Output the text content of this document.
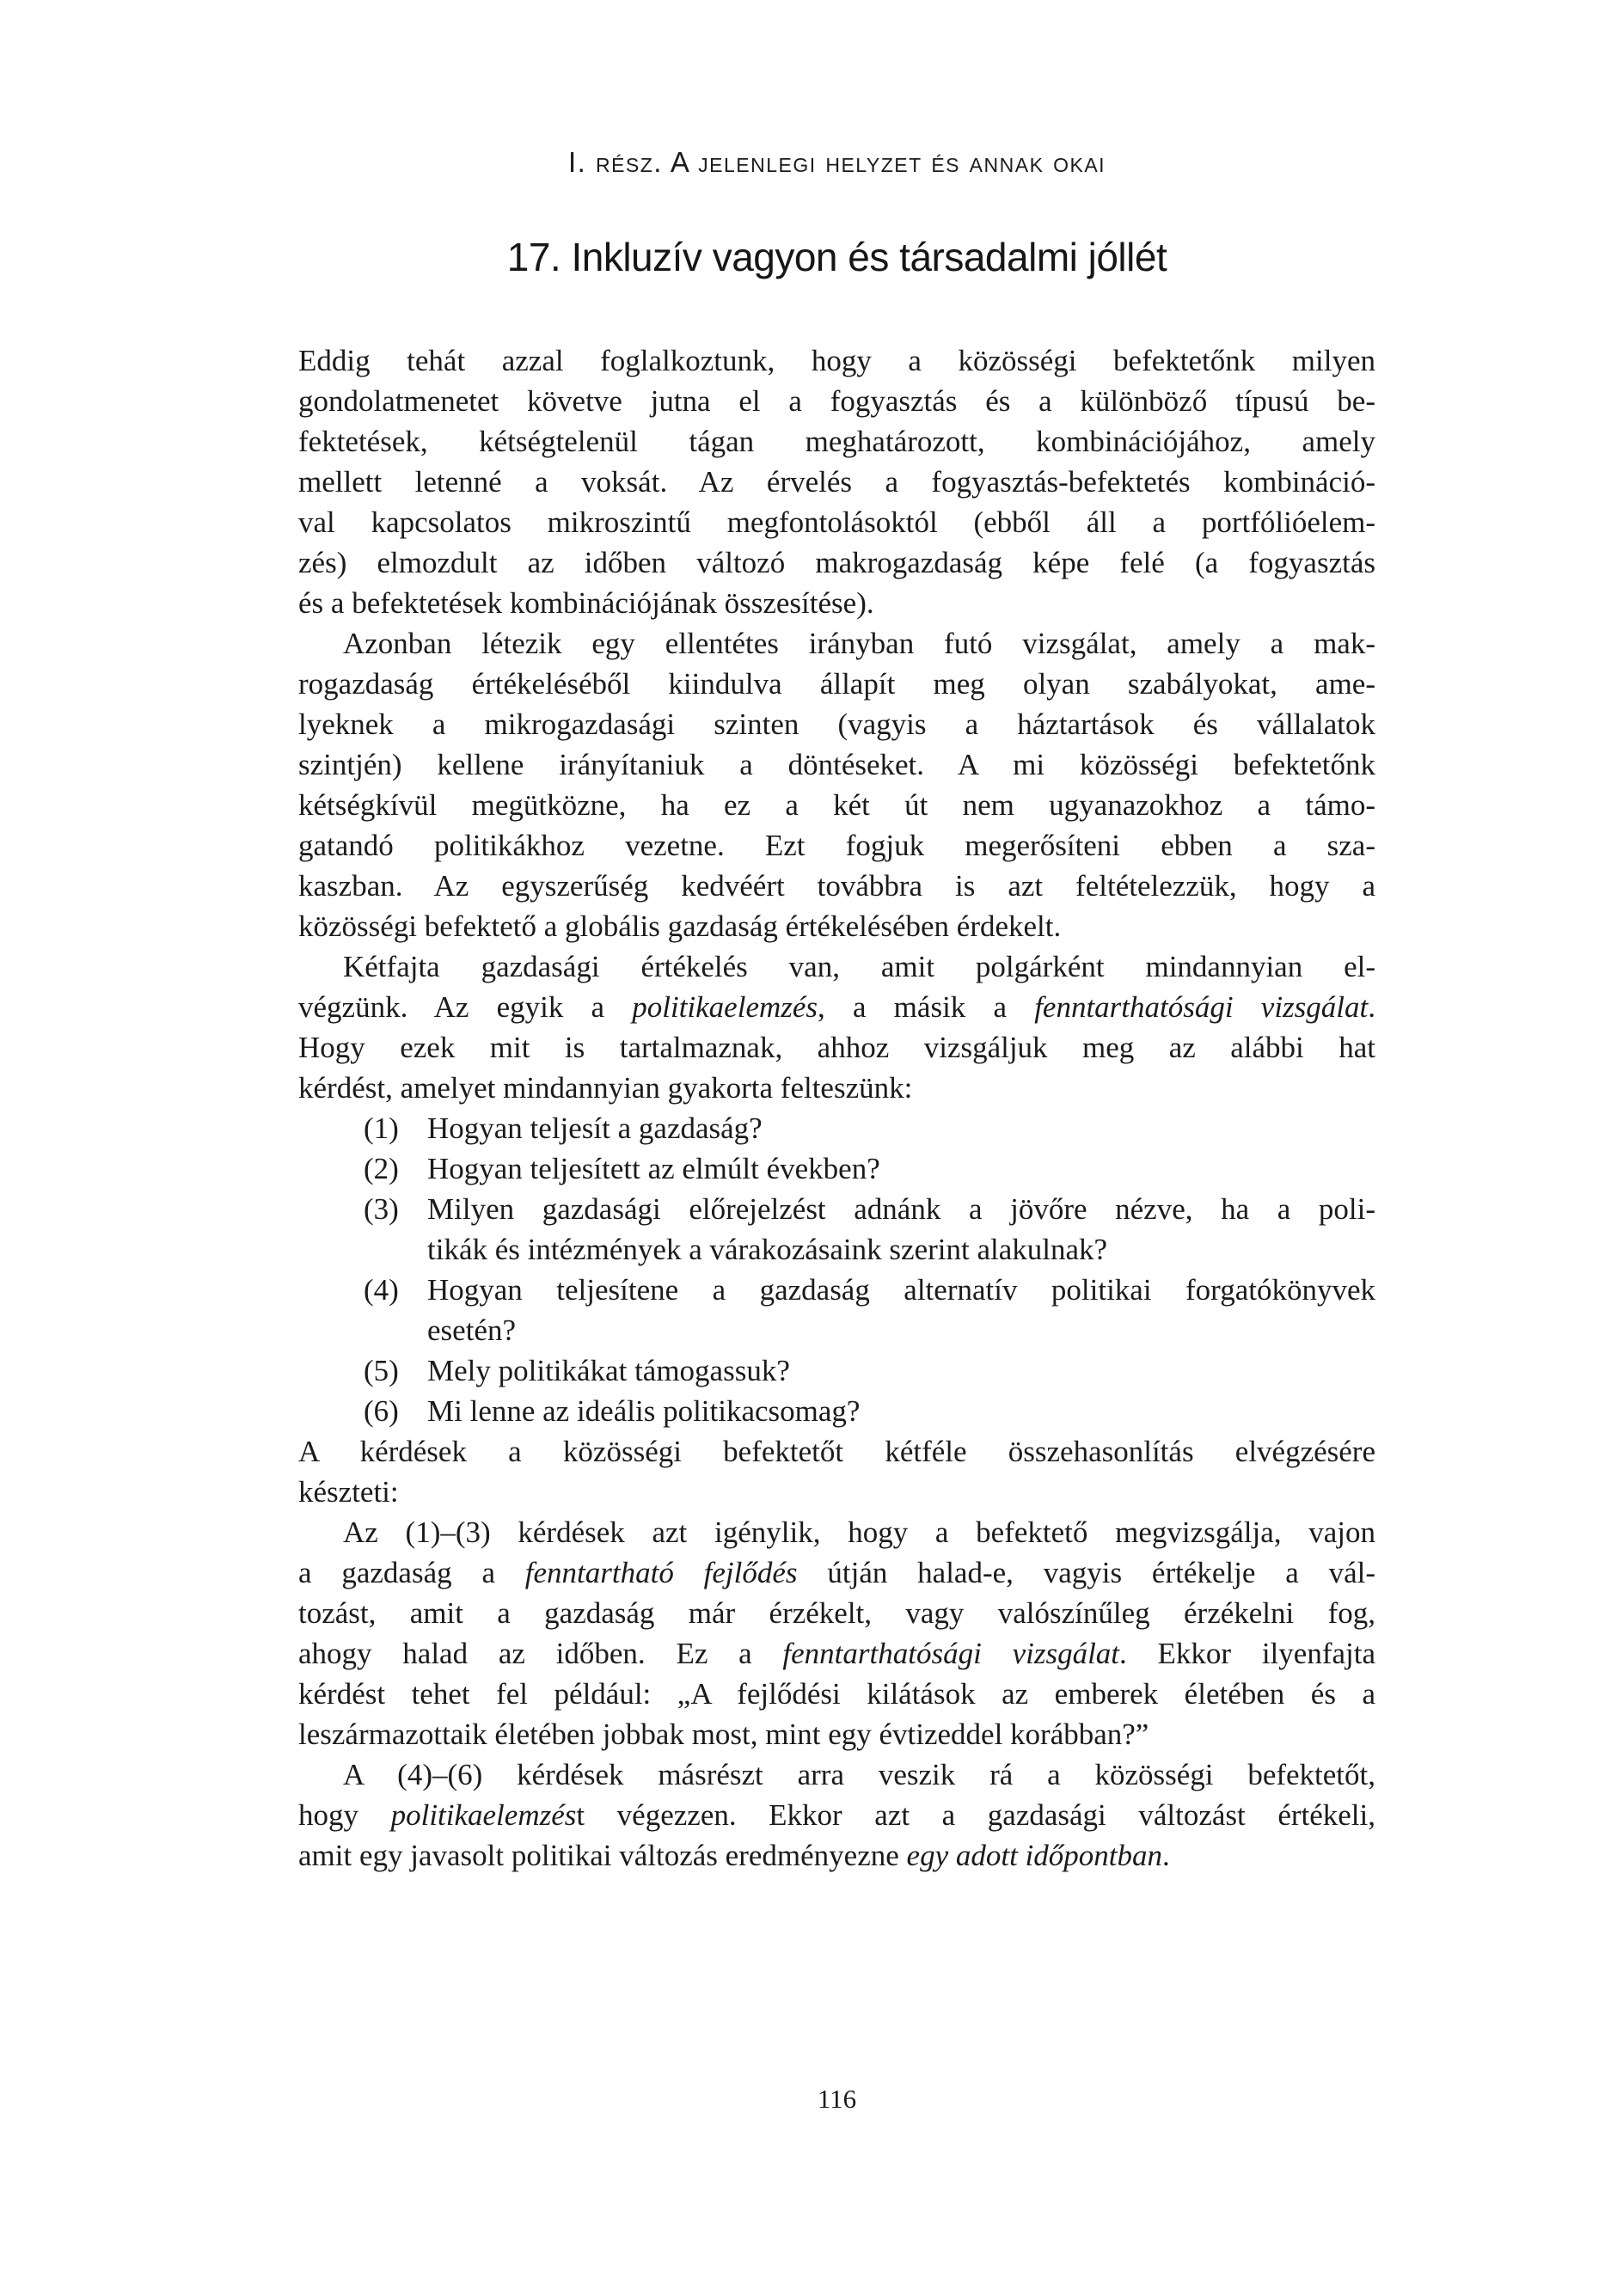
I. rész. A jelenlegi helyzet és annak okai
17. Inkluzív vagyon és társadalmi jóllét
Eddig tehát azzal foglalkoztunk, hogy a közösségi befektetőnk milyen
gondolatmenetet követve jutna el a fogyasztás és a különböző típusú be-
fektetések, kétségtelenül tágan meghatározott, kombinációjához, amely
mellett letenné a voksát. Az érvelés a fogyasztás-befektetés kombináció-
val kapcsolatos mikroszintű megfontolásoktól (ebből áll a portfólióelem-
zés) elmozdult az időben változó makrogazdaság képe felé (a fogyasztás
és a befektetések kombinációjának összesítése).
Azonban létezik egy ellentétes irányban futó vizsgálat, amely a mak-
rogazdaság értékeléséből kiindulva állapít meg olyan szabályokat, ame-
lyeknek a mikrogazdasági szinten (vagyis a háztartások és vállalatok
szintjén) kellene irányítaniuk a döntéseket. A mi közösségi befektetőnk
kétségkívül megütközne, ha ez a két út nem ugyanazokhoz a támo-
gatandó politikákhoz vezetne. Ezt fogjuk megerősíteni ebben a sza-
kaszban. Az egyszerűség kedvéért továbbra is azt feltételezzük, hogy a
közösségi befektető a globális gazdaság értékelésében érdekelt.
Kétfajta gazdasági értékelés van, amit polgárként mindannyian el-
végzünk. Az egyik a politikaelemzés, a másik a fenntarthatósági vizsgálat.
Hogy ezek mit is tartalmaznak, ahhoz vizsgáljuk meg az alábbi hat
kérdést, amelyet mindannyian gyakorta felteszünk:
(1) Hogyan teljesít a gazdaság?
(2) Hogyan teljesített az elmúlt években?
(3) Milyen gazdasági előrejelzést adnánk a jövőre nézve, ha a poli-
tikák és intézmények a várakozásaink szerint alakulnak?
(4) Hogyan teljesítene a gazdaság alternatív politikai forgatókönyvek
esetén?
(5) Mely politikákat támogassuk?
(6) Mi lenne az ideális politikacsomag?
A kérdések a közösségi befektetőt kétféle összehasonlítás elvégzésére
készteti:
Az (1)–(3) kérdések azt igénylik, hogy a befektető megvizsgálja, vajon
a gazdaság a fenntartható fejlődés útján halad-e, vagyis értékelje a vál-
tozást, amit a gazdaság már érzékelt, vagy valószínűleg érzékelni fog,
ahogy halad az időben. Ez a fenntarthatósági vizsgálat. Ekkor ilyenfajta
kérdést tehet fel például: „A fejlődési kilátások az emberek életében és a
leszármazottaik életében jobbak most, mint egy évtizeddel korábban?”
A (4)–(6) kérdések másrészt arra veszik rá a közösségi befektetőt,
hogy politikaelemzést végezzen. Ekkor azt a gazdasági változást értékeli,
amit egy javasolt politikai változás eredményezne egy adott időpontban.
116
